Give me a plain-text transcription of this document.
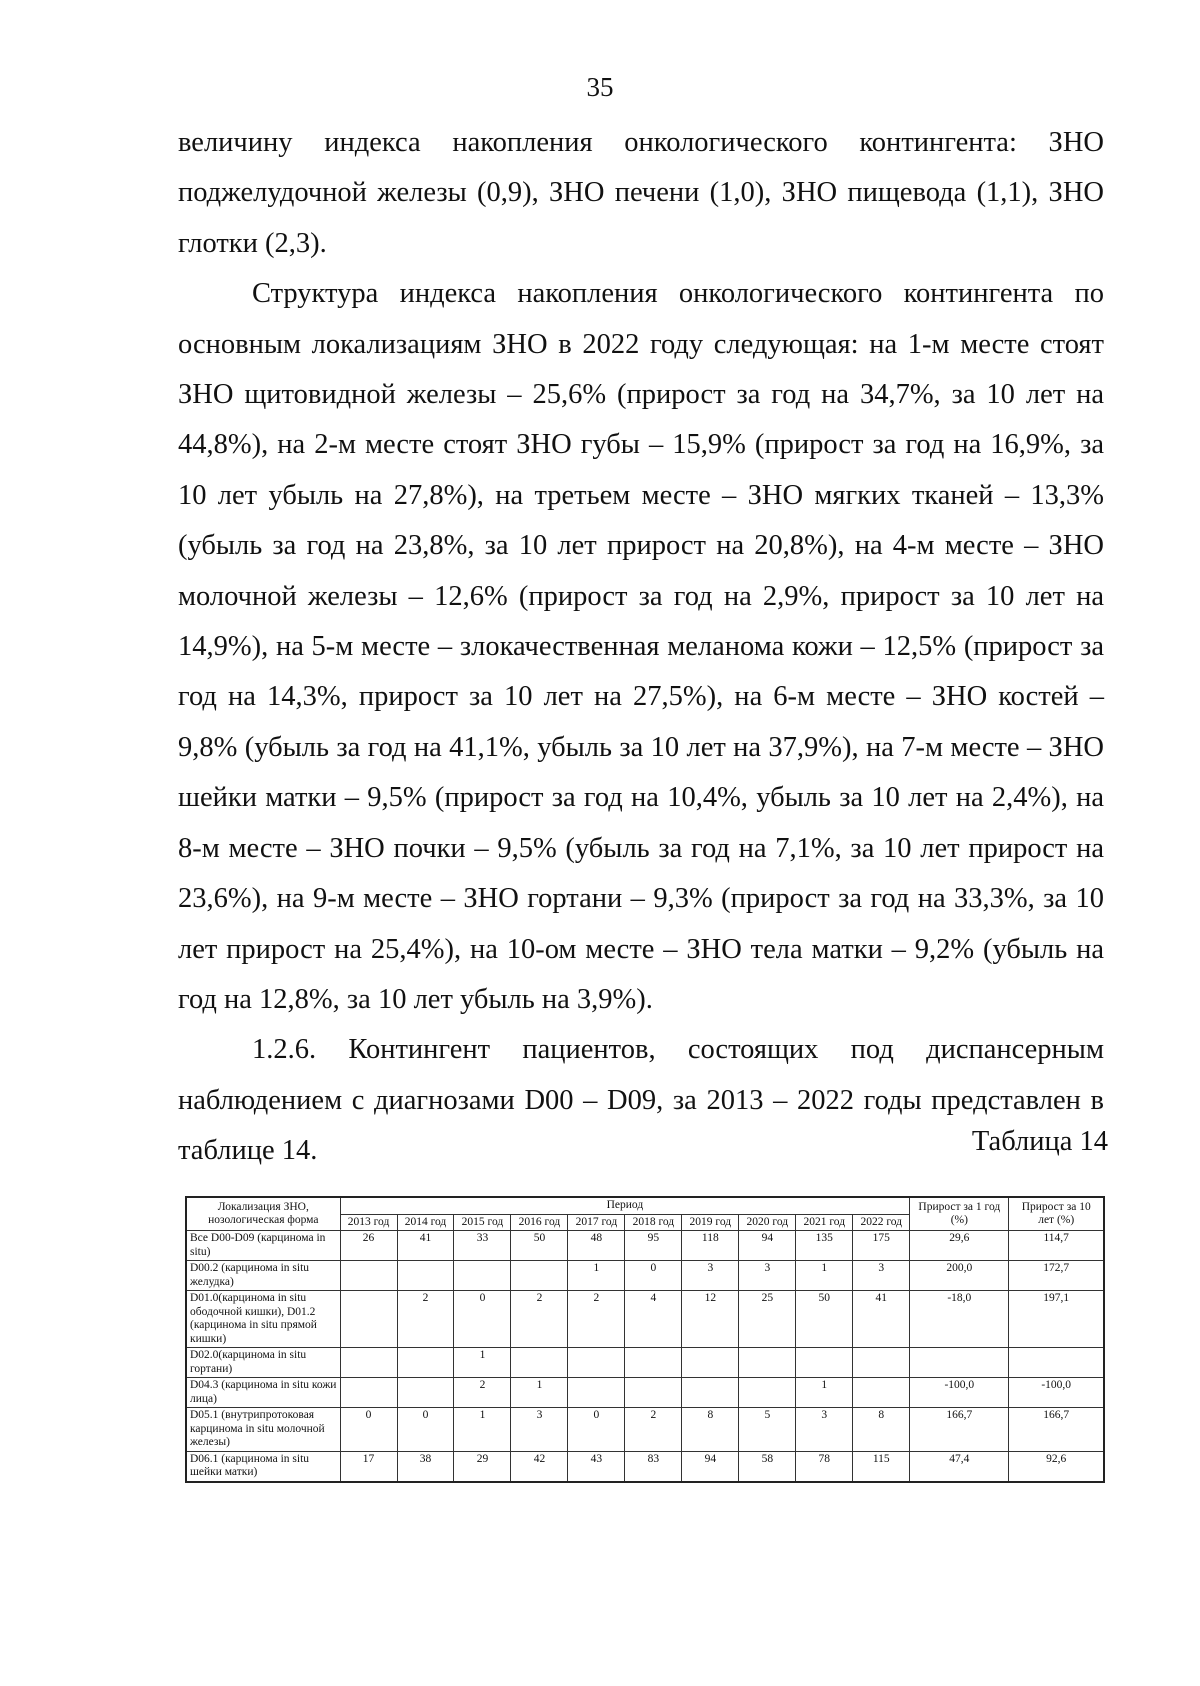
35

величину индекса накопления онкологического контингента: ЗНО поджелудочной железы (0,9), ЗНО печени (1,0), ЗНО пищевода (1,1), ЗНО глотки (2,3).

Структура индекса накопления онкологического контингента по основным локализациям ЗНО в 2022 году следующая: на 1-м месте стоят ЗНО щитовидной железы – 25,6% (прирост за год на 34,7%, за 10 лет на 44,8%), на 2-м месте стоят ЗНО губы – 15,9% (прирост за год на 16,9%, за 10 лет убыль на 27,8%), на третьем месте – ЗНО мягких тканей – 13,3% (убыль за год на 23,8%, за 10 лет прирост на 20,8%), на 4-м месте – ЗНО молочной железы – 12,6% (прирост за год на 2,9%, прирост за 10 лет на 14,9%), на 5-м месте – злокачественная меланома кожи – 12,5% (прирост за год на 14,3%, прирост за 10 лет на 27,5%), на 6-м месте – ЗНО костей – 9,8% (убыль за год на 41,1%, убыль за 10 лет на 37,9%), на 7-м месте – ЗНО шейки матки – 9,5% (прирост за год на 10,4%, убыль за 10 лет на 2,4%), на 8-м месте – ЗНО почки – 9,5% (убыль за год на 7,1%, за 10 лет прирост на 23,6%), на 9-м месте – ЗНО гортани – 9,3% (прирост за год на 33,3%, за 10 лет прирост на 25,4%), на 10-ом месте – ЗНО тела матки – 9,2% (убыль на год на 12,8%, за 10 лет убыль на 3,9%).

1.2.6. Контингент пациентов, состоящих под диспансерным наблюдением с диагнозами D00 – D09, за 2013 – 2022 годы представлен в таблице 14.	Таблица 14
Локализация ЗНО, нозологическая форма	Период										Прирост за 1 год (%)	Прирост за 10 лет (%)
	2013 год	2014 год	2015 год	2016 год	2017 год	2018 год	2019 год	2020 год	2021 год	2022 год		
Все D00-D09 (карцинома in situ)	26	41	33	50	48	95	118	94	135	175	29,6	114,7
D00.2 (карцинома in situ желудка)					1	0	3	3	1	3	200,0	172,7
D01.0(карцинома in situ ободочной кишки), D01.2 (карцинома in situ прямой кишки)		2	0	2	2	4	12	25	50	41	-18,0	197,1
D02.0(карцинома in situ гортани)			1									
D04.3 (карцинома in situ кожи лица)			2	1					1		-100,0	-100,0
D05.1 (внутрипротоковая карцинома in situ молочной железы)	0	0	1	3	0	2	8	5	3	8	166,7	166,7
D06.1 (карцинома in situ шейки матки)	17	38	29	42	43	83	94	58	78	115	47,4	92,6
